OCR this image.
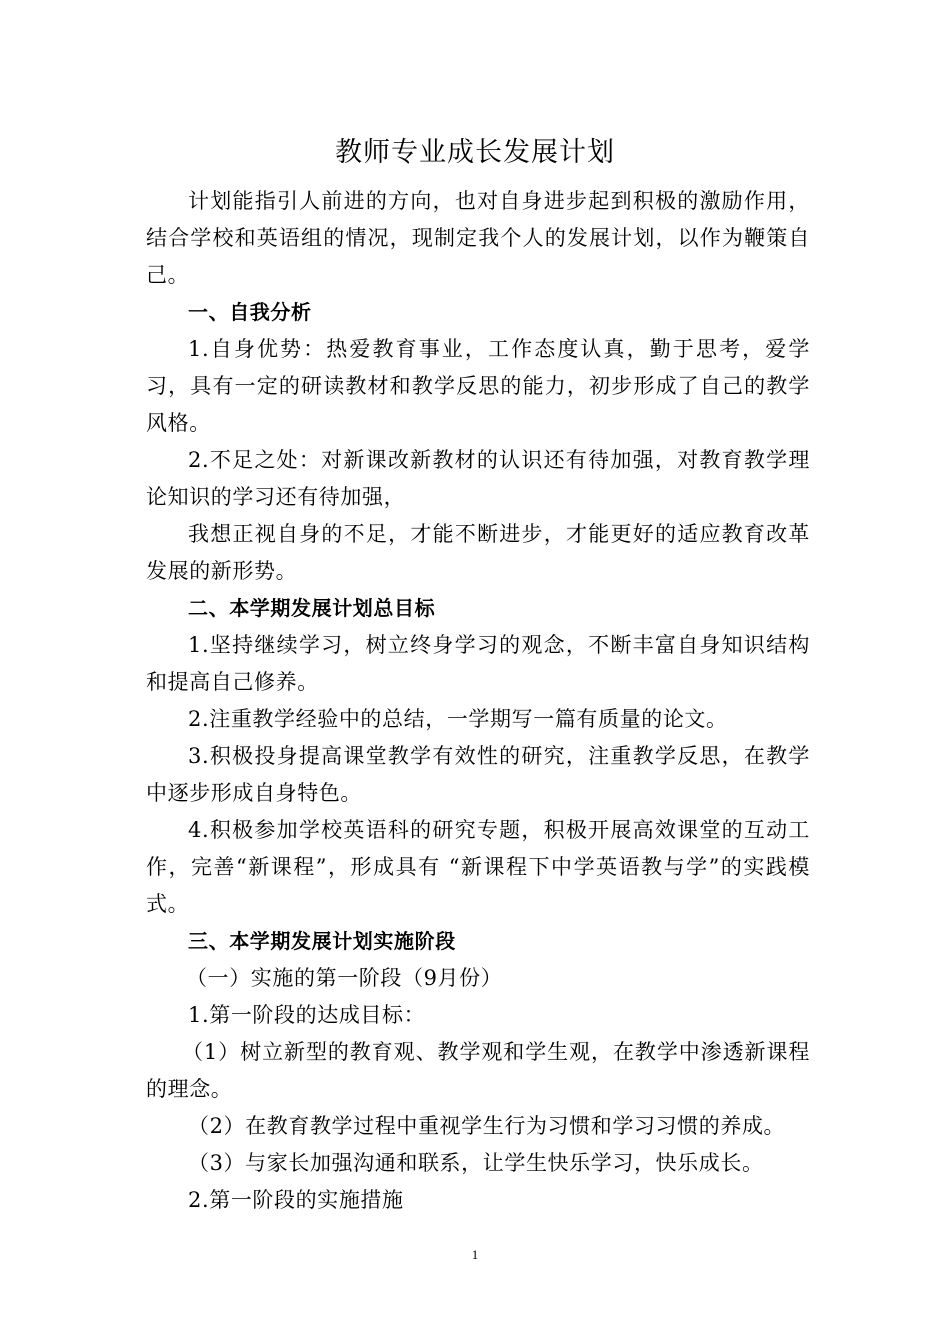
教师专业成长发展计划

计划能指引人前进的方向，也对自身进步起到积极的激励作用，结合学校和英语组的情况，现制定我个人的发展计划，以作为鞭策自己。

一、自我分析

1.自身优势：热爱教育事业，工作态度认真，勤于思考，爱学习，具有一定的研读教材和教学反思的能力，初步形成了自己的教学风格。

2.不足之处：对新课改新教材的认识还有待加强，对教育教学理论知识的学习还有待加强，

我想正视自身的不足，才能不断进步，才能更好的适应教育改革发展的新形势。

二、本学期发展计划总目标

1.坚持继续学习，树立终身学习的观念，不断丰富自身知识结构和提高自己修养。

2.注重教学经验中的总结，一学期写一篇有质量的论文。

3.积极投身提高课堂教学有效性的研究，注重教学反思，在教学中逐步形成自身特色。

4.积极参加学校英语科的研究专题，积极开展高效课堂的互动工作，完善“新课程”，形成具有 “新课程下中学英语教与学”的实践模式。

三、本学期发展计划实施阶段

（一）实施的第一阶段（9月份）

1.第一阶段的达成目标：

（1）树立新型的教育观、教学观和学生观，在教学中渗透新课程的理念。

（2）在教育教学过程中重视学生行为习惯和学习习惯的养成。

（3）与家长加强沟通和联系，让学生快乐学习，快乐成长。

2.第一阶段的实施措施

1
